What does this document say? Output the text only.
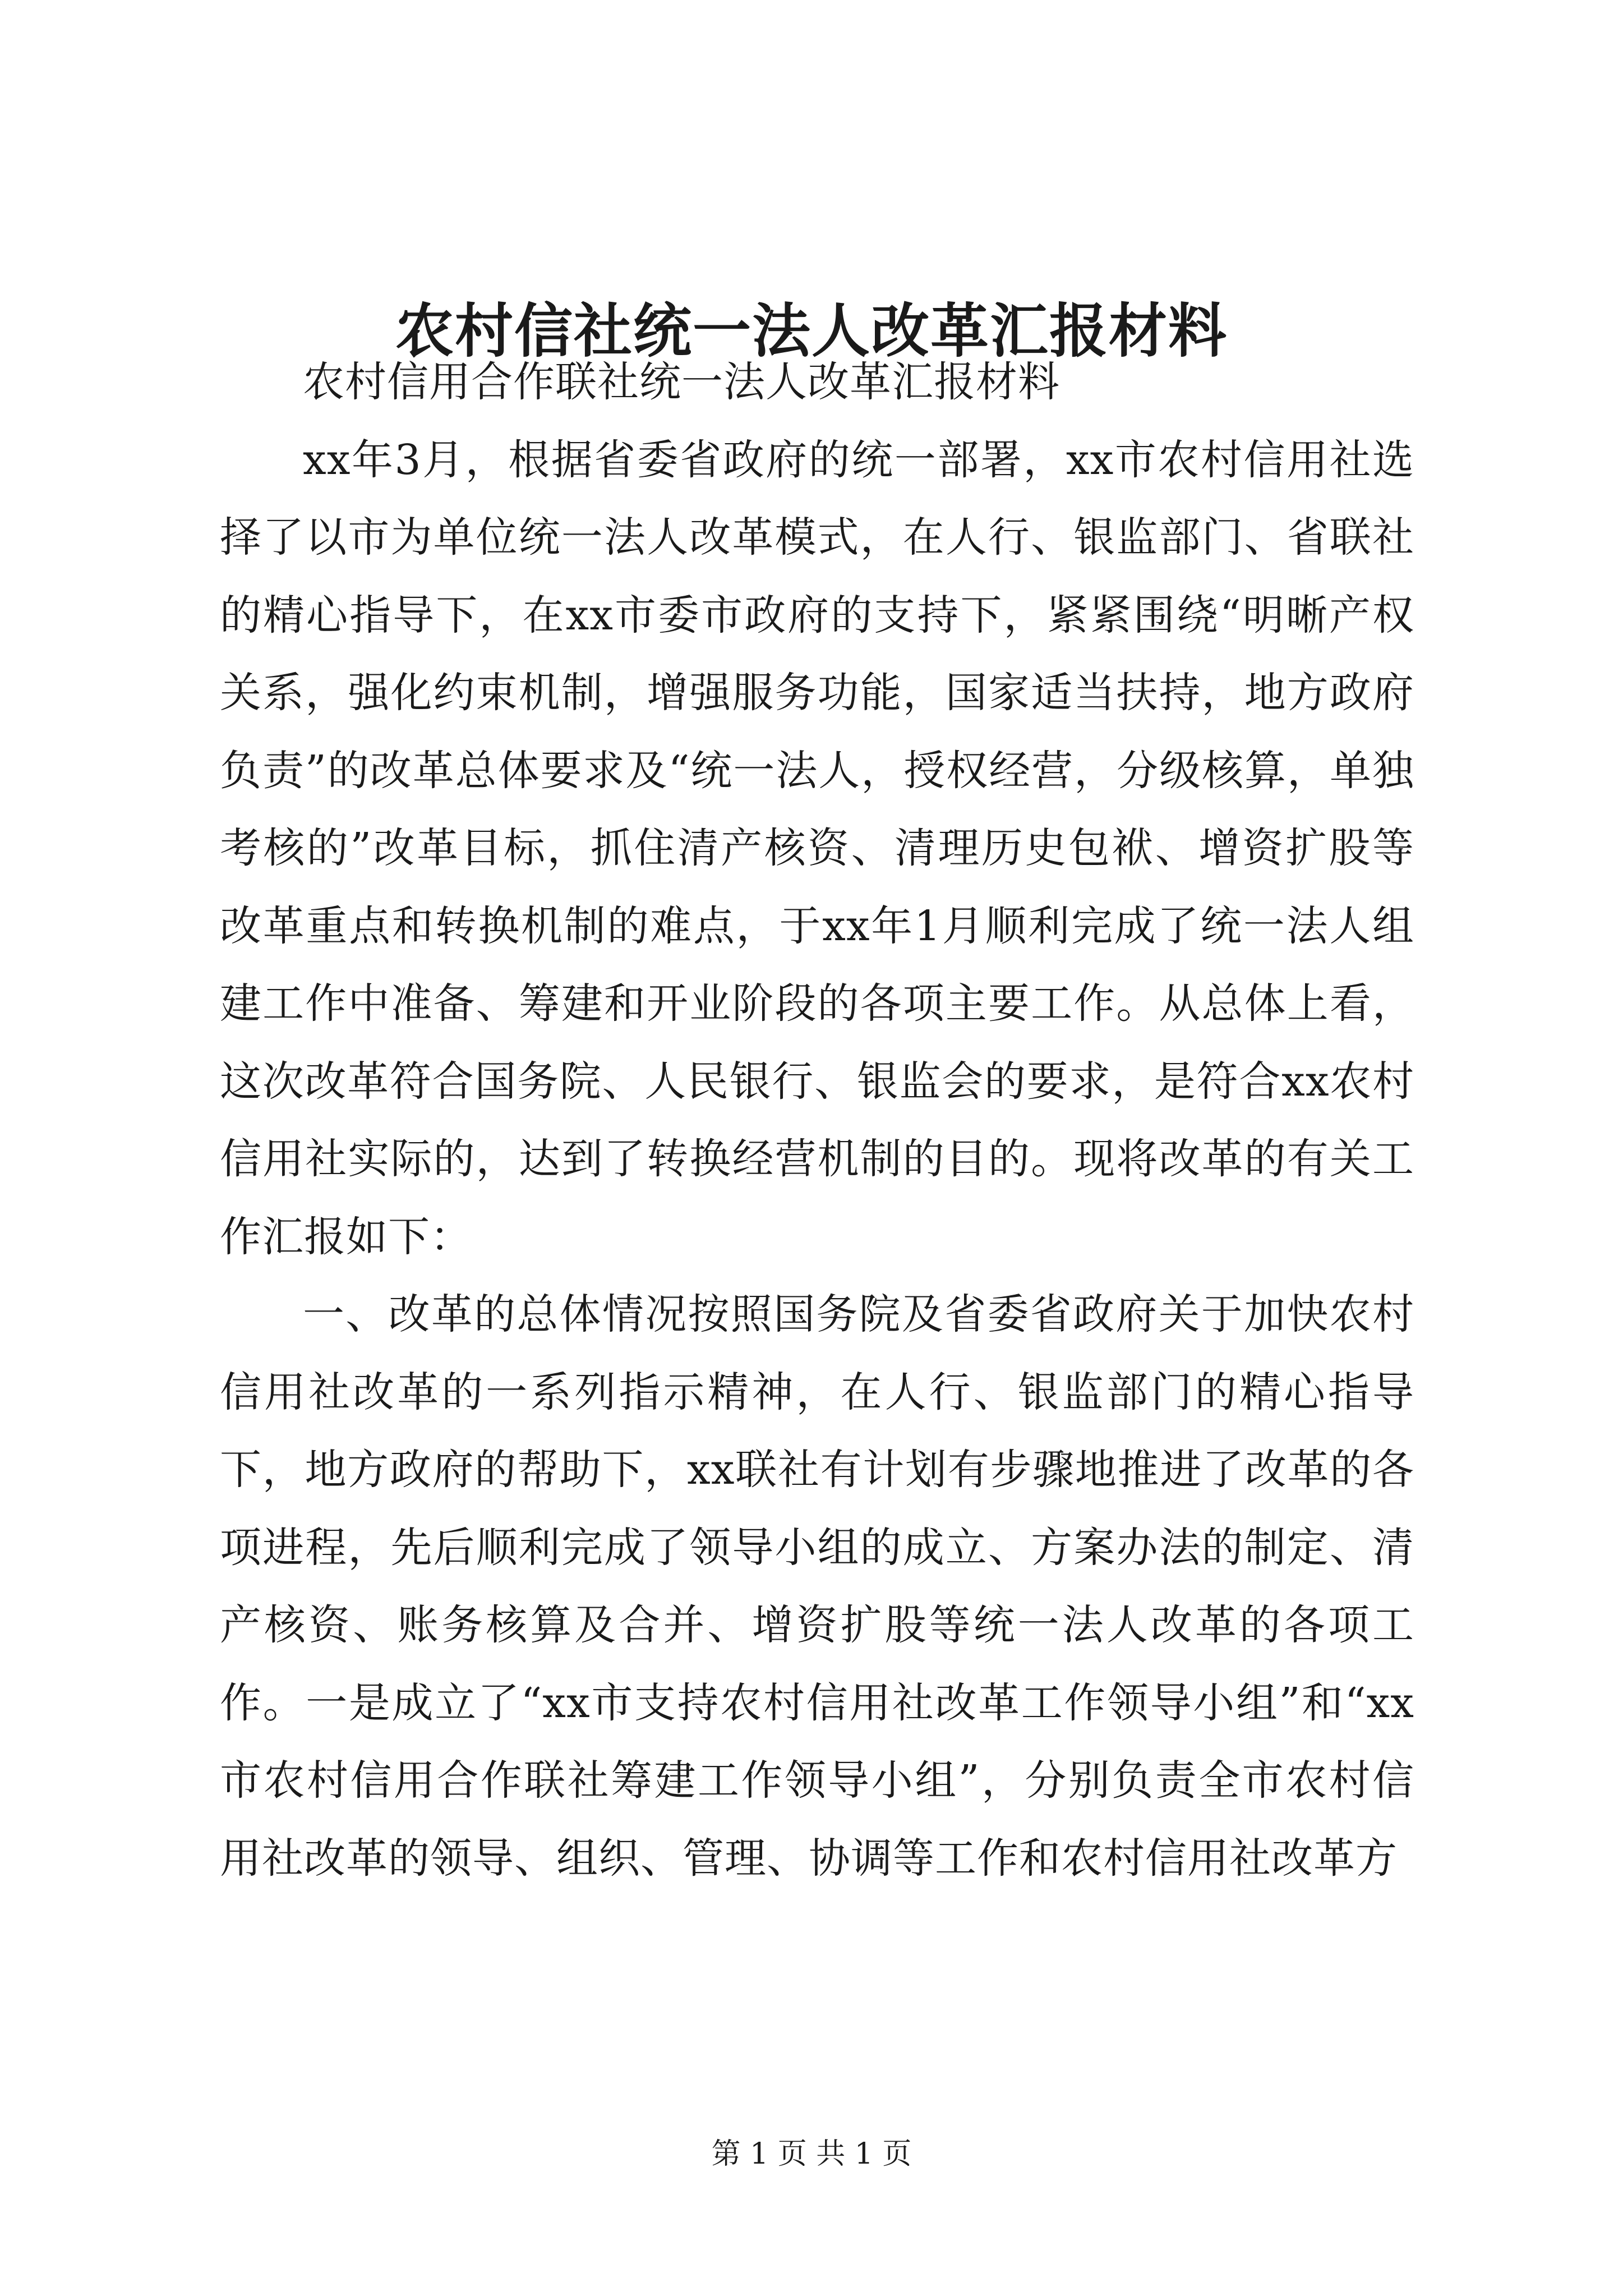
农村信社统一法人改革汇报材料

农村信用合作联社统一法人改革汇报材料

xx年3月，根据省委省政府的统一部署，xx市农村信用社选择了以市为单位统一法人改革模式，在人行、银监部门、省联社的精心指导下，在xx市委市政府的支持下，紧紧围绕“明晰产权关系，强化约束机制，增强服务功能，国家适当扶持，地方政府负责”的改革总体要求及“统一法人，授权经营，分级核算，单独考核的”改革目标，抓住清产核资、清理历史包袱、增资扩股等改革重点和转换机制的难点，于xx年1月顺利完成了统一法人组建工作中准备、筹建和开业阶段的各项主要工作。从总体上看，这次改革符合国务院、人民银行、银监会的要求，是符合xx农村信用社实际的，达到了转换经营机制的目的。现将改革的有关工作汇报如下：

一、改革的总体情况按照国务院及省委省政府关于加快农村信用社改革的一系列指示精神，在人行、银监部门的精心指导下，地方政府的帮助下，xx联社有计划有步骤地推进了改革的各项进程，先后顺利完成了领导小组的成立、方案办法的制定、清产核资、账务核算及合并、增资扩股等统一法人改革的各项工作。一是成立了“xx市支持农村信用社改革工作领导小组”和“xx市农村信用合作联社筹建工作领导小组”，分别负责全市农村信用社改革的领导、组织、管理、协调等工作和农村信用社改革方

第 1 页 共 1 页
